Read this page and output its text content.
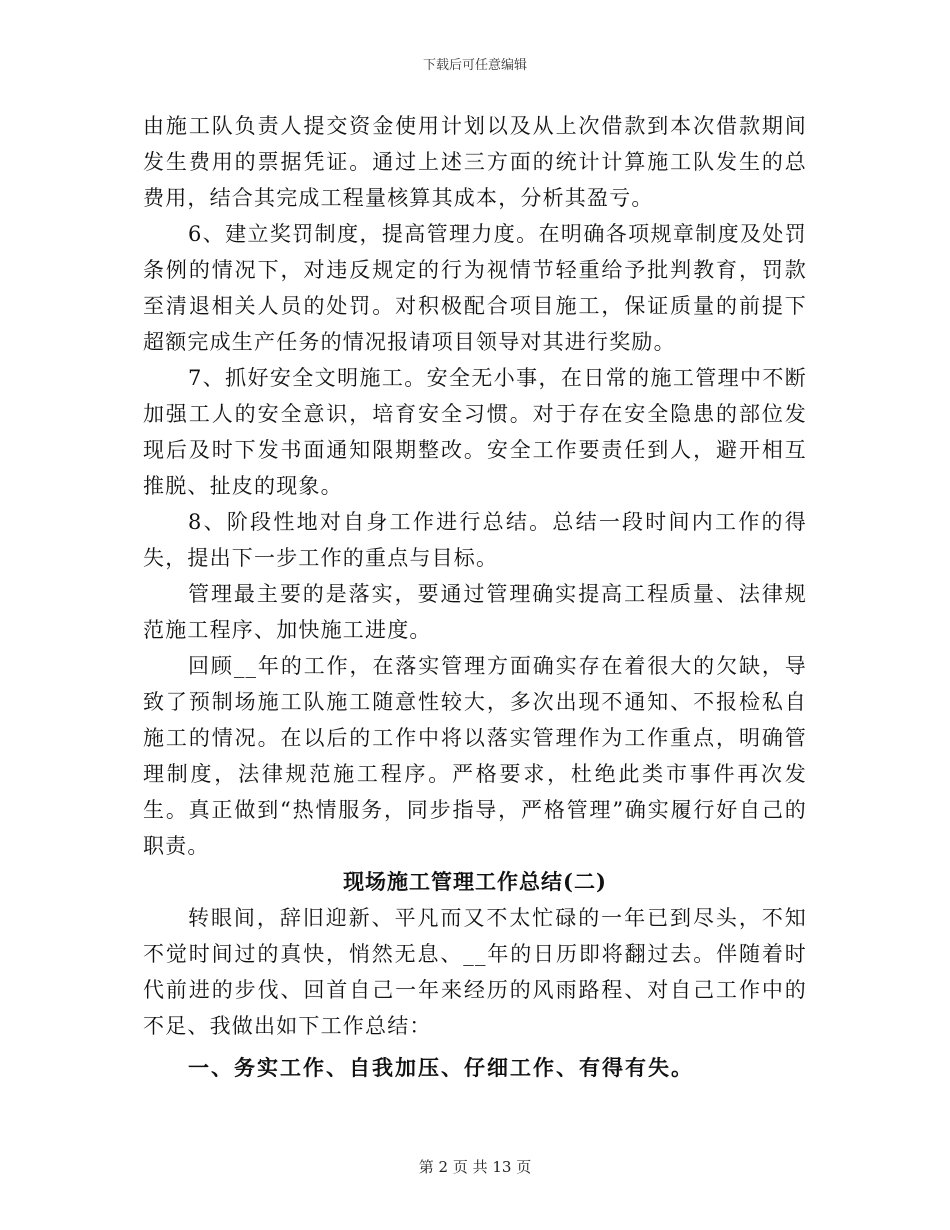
下载后可任意编辑

由施工队负责人提交资金使用计划以及从上次借款到本次借款期间发生费用的票据凭证。通过上述三方面的统计计算施工队发生的总费用，结合其完成工程量核算其成本，分析其盈亏。

6、建立奖罚制度，提高管理力度。在明确各项规章制度及处罚条例的情况下，对违反规定的行为视情节轻重给予批判教育，罚款至清退相关人员的处罚。对积极配合项目施工，保证质量的前提下超额完成生产任务的情况报请项目领导对其进行奖励。

7、抓好安全文明施工。安全无小事，在日常的施工管理中不断加强工人的安全意识，培育安全习惯。对于存在安全隐患的部位发现后及时下发书面通知限期整改。安全工作要责任到人，避开相互推脱、扯皮的现象。

8、阶段性地对自身工作进行总结。总结一段时间内工作的得失，提出下一步工作的重点与目标。

管理最主要的是落实，要通过管理确实提高工程质量、法律规范施工程序、加快施工进度。

回顾__年的工作，在落实管理方面确实存在着很大的欠缺，导致了预制场施工队施工随意性较大，多次出现不通知、不报检私自施工的情况。在以后的工作中将以落实管理作为工作重点，明确管理制度，法律规范施工程序。严格要求，杜绝此类市事件再次发生。真正做到“热情服务，同步指导，严格管理”确实履行好自己的职责。

现场施工管理工作总结(二)

转眼间，辞旧迎新、平凡而又不太忙碌的一年已到尽头，不知不觉时间过的真快，悄然无息、__年的日历即将翻过去。伴随着时代前进的步伐、回首自己一年来经历的风雨路程、对自己工作中的不足、我做出如下工作总结：

一、务实工作、自我加压、仔细工作、有得有失。

第 2 页 共 13 页
